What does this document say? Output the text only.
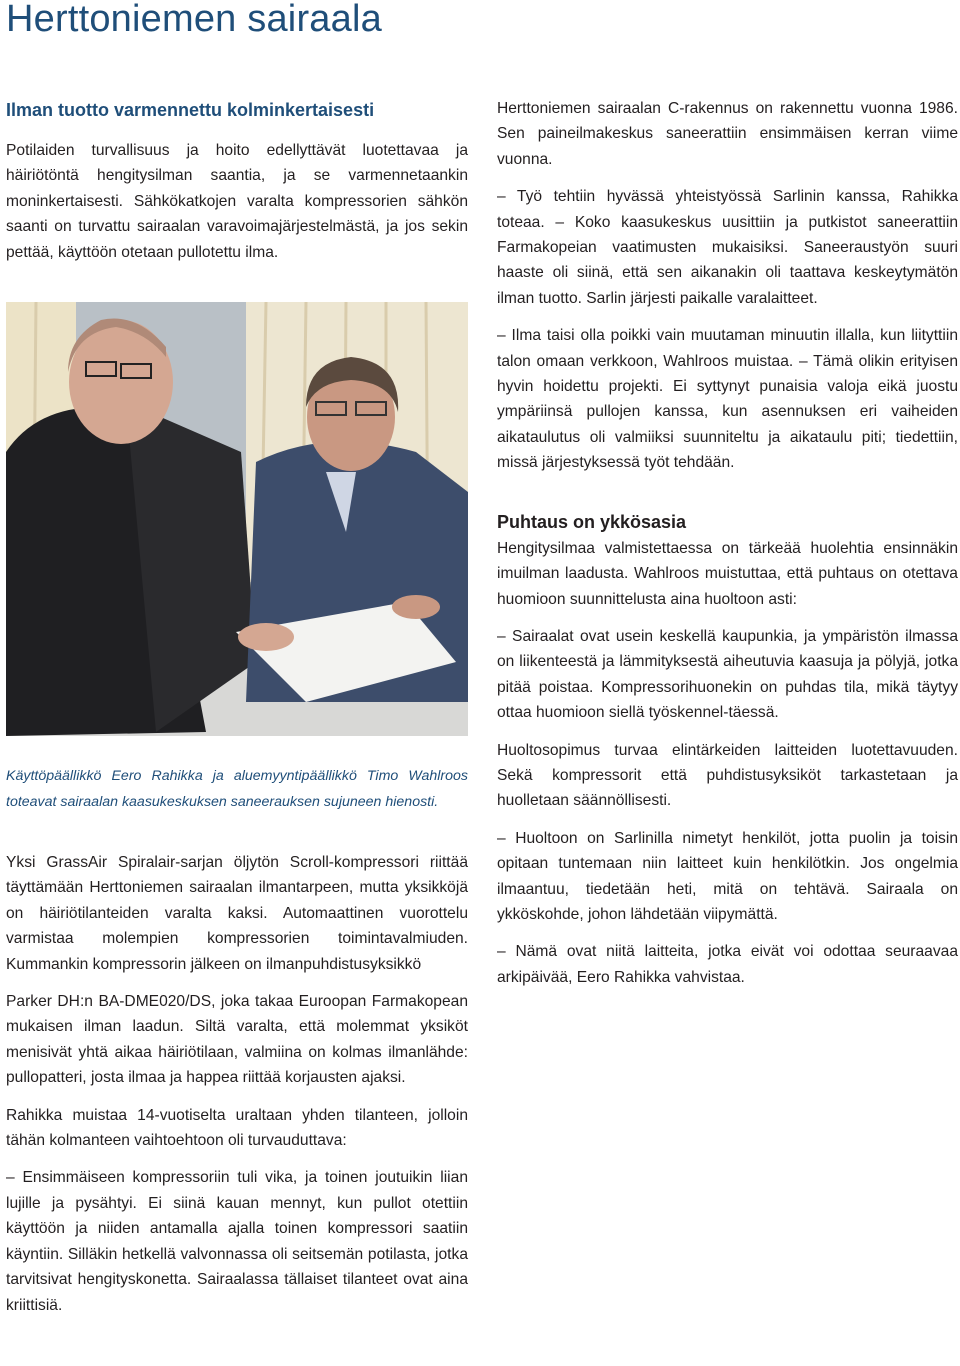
Herttoniemen sairaala
Ilman tuotto varmennettu kolminkertaisesti

Potilaiden turvallisuus ja hoito edellyttävät luotettavaa ja häiriötöntä hengitysilman saantia, ja se varmennetaankin moninkertaisesti. Sähkökatkojen varalta kompressorien sähkön saanti on turvattu sairaalan varavoimajärjestelmästä, ja jos sekin pettää, käyttöön otetaan pullotettu ilma.

Käyttöpäällikkö Eero Rahikka ja aluemyyntipäällikkö Timo Wahlroos toteavat sairaalan kaasukeskuksen saneerauksen sujuneen hienosti.

Yksi GrassAir Spiralair-sarjan öljytön Scroll-kompressori riittää täyttämään Herttoniemen sairaalan ilmantarpeen, mutta yksikköjä on häiriötilanteiden varalta kaksi. Automaattinen vuorottelu varmistaa molempien kompressorien toimintavalmiuden. Kummankin kompressorin jälkeen on ilmanpuhdistusyksikkö

Parker DH:n BA-DME020/DS, joka takaa Euroopan Farmakopean mukaisen ilman laadun. Siltä varalta, että molemmat yksiköt menisivät yhtä aikaa häiriötilaan, valmiina on kolmas ilmanlähde: pullopatteri, josta ilmaa ja happea riittää korjausten ajaksi.

Rahikka muistaa 14-vuotiselta uraltaan yhden tilanteen, jolloin tähän kolmanteen vaihtoehtoon oli turvauduttava:

– Ensimmäiseen kompressoriin tuli vika, ja toinen joutuikin liian lujille ja pysähtyi. Ei siinä kauan mennyt, kun pullot otettiin käyttöön ja niiden antamalla ajalla toinen kompressori saatiin käyntiin. Silläkin hetkellä valvonnassa oli seitsemän potilasta, jotka tarvitsivat hengityskonetta. Sairaalassa tällaiset tilanteet ovat aina kriittisiä.

Herttoniemen sairaalan C-rakennus on rakennettu vuonna 1986. Sen paineilmakeskus saneerattiin ensimmäisen kerran viime vuonna.

– Työ tehtiin hyvässä yhteistyössä Sarlinin kanssa, Rahikka toteaa. – Koko kaasukeskus uusittiin ja putkistot saneerattiin Farmakopeian vaatimusten mukaisiksi. Saneeraustyön suuri haaste oli siinä, että sen aikanakin oli taattava keskeytymätön ilman tuotto. Sarlin järjesti paikalle varalaitteet.

– Ilma taisi olla poikki vain muutaman minuutin illalla, kun liityttiin talon omaan verkkoon, Wahlroos muistaa. – Tämä olikin erityisen hyvin hoidettu projekti. Ei syttynyt punaisia valoja eikä juostu ympäriinsä pullojen kanssa, kun asennuksen eri vaiheiden aikataulutus oli valmiiksi suunniteltu ja aikataulu piti; tiedettiin, missä järjestyksessä työt tehdään.

Puhtaus on ykkösasia

Hengitysilmaa valmistettaessa on tärkeää huolehtia ensinnäkin imuilman laadusta. Wahlroos muistuttaa, että puhtaus on otettava huomioon suunnittelusta aina huoltoon asti:

– Sairaalat ovat usein keskellä kaupunkia, ja ympäristön ilmassa on liikenteestä ja lämmityksestä aiheutuvia kaasuja ja pölyjä, jotka pitää poistaa. Kompressorihuonekin on puhdas tila, mikä täytyy ottaa huomioon siellä työskennel-täessä.

Huoltosopimus turvaa elintärkeiden laitteiden luotettavuuden. Sekä kompressorit että puhdistusyksiköt tarkastetaan ja huolletaan säännöllisesti.

– Huoltoon on Sarlinilla nimetyt henkilöt, jotta puolin ja toisin opitaan tuntemaan niin laitteet kuin henkilötkin. Jos ongelmia ilmaantuu, tiedetään heti, mitä on tehtävä. Sairaala on ykköskohde, johon lähdetään viipymättä.

– Nämä ovat niitä laitteita, jotka eivät voi odottaa seuraavaa arkipäivää, Eero Rahikka vahvistaa.
